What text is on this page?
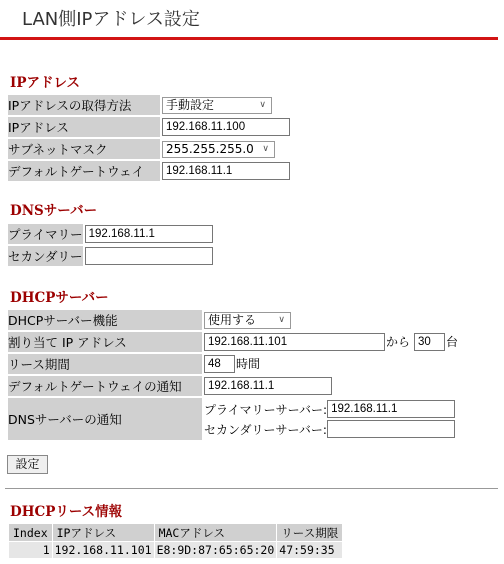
LAN側IPアドレス設定
IPアドレス
IPアドレスの取得方法	手動設定 ∨

IPアドレス	192.168.11.100
サブネットマスク	255.255.255.0 ∨

デフォルトゲートウェイ	192.168.11.1
DNSサーバー
プライマリー	192.168.11.1
セカンダリー	
DHCPサーバー
DHCPサーバー機能	使用する ∨

割り当て IP アドレス	192.168.11.101から 30	台
リース期間	48時間
デフォルトゲートウェイの通知	192.168.11.1
DNSサーバーの通知	
プライマリーサーバー:	192.168.11.1
セカンダリーサーバー:	
設定
DHCPリース情報
Index	IPアドレス	MACアドレス	リース期限
1	192.168.11.101	E8:9D:87:65:65:20	47:59:35
